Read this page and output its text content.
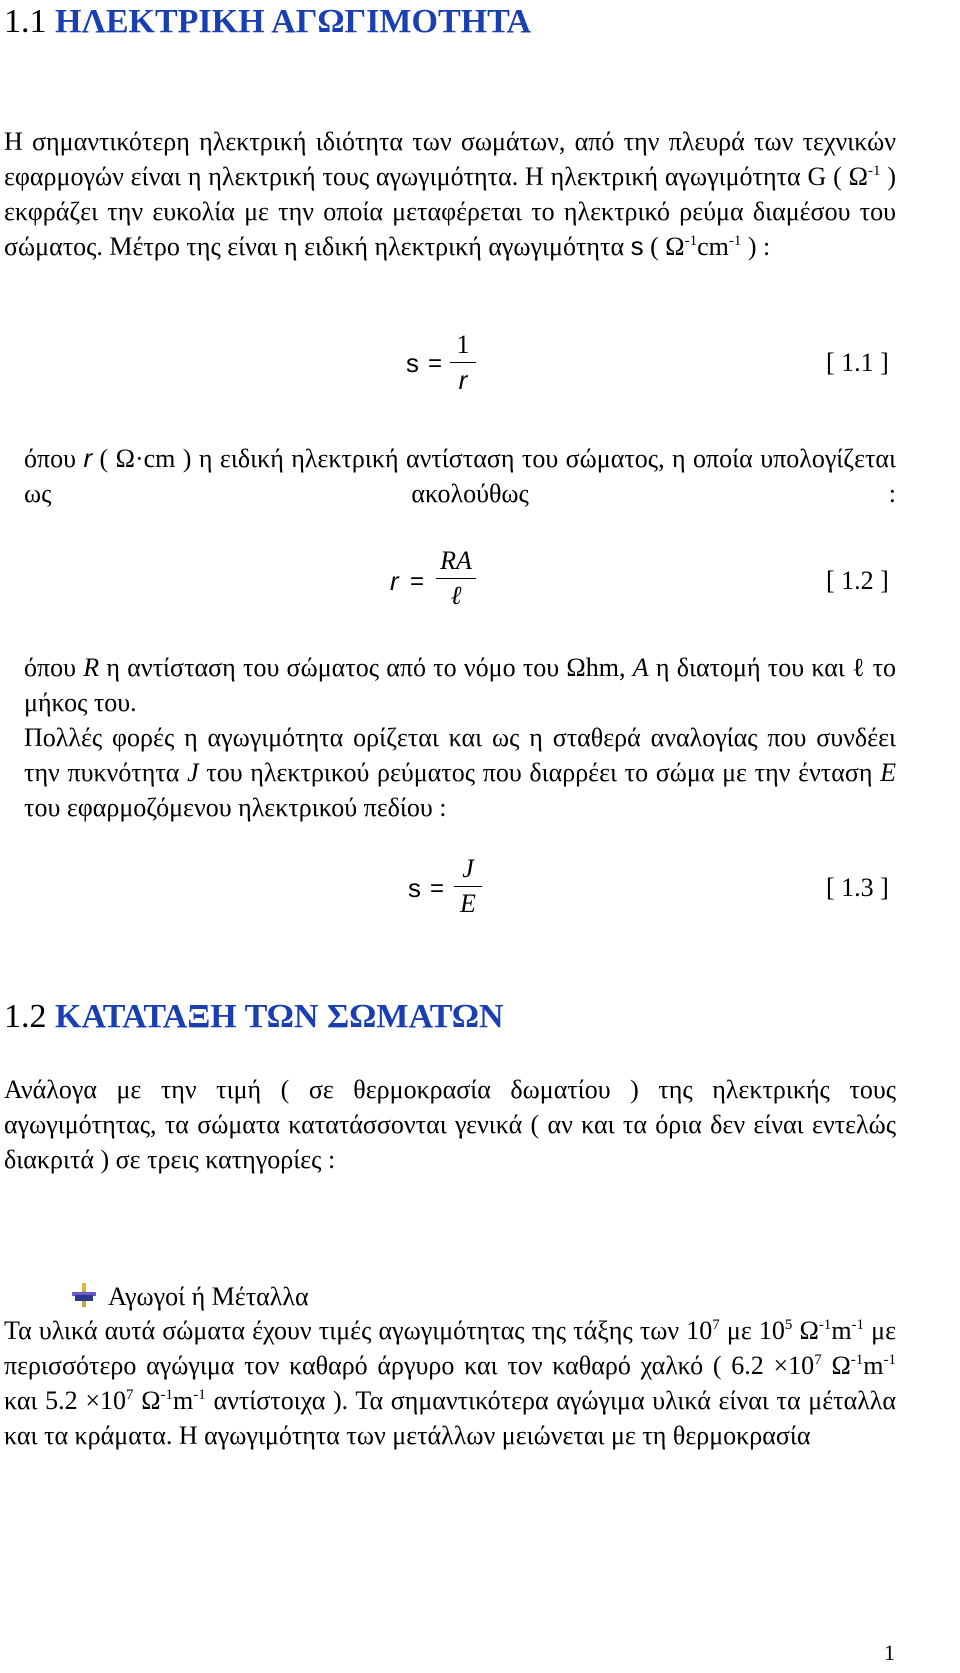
1.1 ΗΛΕΚΤΡΙΚΗ ΑΓΩΓΙΜΟΤΗΤΑ
Η σημαντικότερη ηλεκτρική ιδιότητα των σωμάτων, από την πλευρά των τεχνικών εφαρμογών είναι η ηλεκτρική τους αγωγιμότητα. Η ηλεκτρική αγωγιμότητα G ( $\Omega^{-1}$ ) εκφράζει την ευκολία με την οποία μεταφέρεται το ηλεκτρικό ρεύμα διαμέσου του σώματος. Μέτρο της είναι η ειδική ηλεκτρική αγωγιμότητα s ( $\Omega^{-1}cm^{-1}$ ) :
s =
1
r
[ 1.1 ]
όπου r ( Ω·cm ) η ειδική ηλεκτρική αντίσταση του σώματος, η οποία υπολογίζεται ως ακολούθως :
r =
RA
ℓ
[ 1.2 ]
όπου R η αντίσταση του σώματος από το νόμο του Ωhm, A η διατομή του και ℓ το μήκος του.
Πολλές φορές η αγωγιμότητα ορίζεται και ως η σταθερά αναλογίας που συνδέει την πυκνότητα J του ηλεκτρικού ρεύματος που διαρρέει το σώμα με την ένταση E του εφαρμοζόμενου ηλεκτρικού πεδίου :
s =
J
E
[ 1.3 ]
1.2 ΚΑΤΑΤΑΞΗ ΤΩΝ ΣΩΜΑΤΩΝ
Ανάλογα με την τιμή ( σε θερμοκρασία δωματίου ) της ηλεκτρικής τους αγωγιμότητας, τα σώματα κατατάσσονται γενικά ( αν και τα όρια δεν είναι εντελώς διακριτά ) σε τρεις κατηγορίες :
Αγωγοί ή Μέταλλα
Τα υλικά αυτά σώματα έχουν τιμές αγωγιμότητας της τάξης των $10^7$ με $10^5$ $\Omega^{-1}m^{-1}$ με περισσότερο αγώγιμα τον καθαρό άργυρο και τον καθαρό χαλκό ( $6.2 \times 10^7$ $\Omega^{-1}m^{-1}$ και $5.2 \times 10^7$ $\Omega^{-1}m^{-1}$ αντίστοιχα ). Τα σημαντικότερα αγώγιμα υλικά είναι τα μέταλλα και τα κράματα. Η αγωγιμότητα των μετάλλων μειώνεται με τη θερμοκρασία
1
